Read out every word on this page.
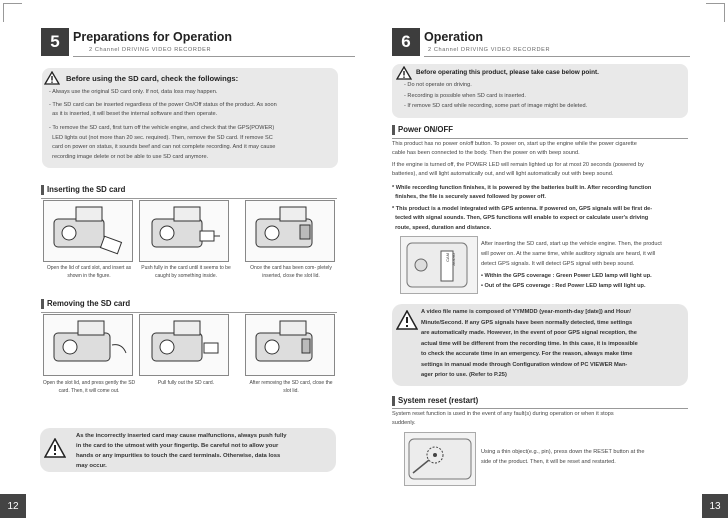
5	Preparations for Operation
2 Channel DRIVING VIDEO RECORDER
Before using the SD card, check the followings:
- Always use the original SD card only. If not, data loss may happen.
- The SD card can be inserted regardless of the power On/Off status of the product. As soon
as it is inserted, it will beset the internal software and then operate.
- To remove the SD card, first turn off the vehicle engine, and check that the GPS(POWER)
LED lights out (not more than 20 sec. required). Then, remove the SD card. If remove SC
card on power on status, it sounds beef and can not complete recording. And it may cause
recording image delete or not be able to use SD card anymore.
Inserting the SD card
Open the lid of card slot, and insert as shown in the figure.
Push fully in the card until it seems to be caught by something inside.
Once the card has been com- pletely inserted, close the slot lid.
Removing the SD card
Open the slot lid, and press gently the SD card. Then, it will come out.
Pull fully out the SD card.	After removing the SD card, close the slot lid.
As the incorrectly inserted card may cause malfunctions, always push fully
in the card to the utmost with your fingertip. Be careful not to allow your
hands or any impurities to touch the card terminals. Otherwise, data loss
may occur.
12
6	Operation
2 Channel DRIVING VIDEO RECORDER
Before operating this product, please take case below point.
- Do not operate on driving.
- Recording is possible when SD card is inserted.
- If remove SD card while recording, some part of image might be deleted.
Power ON/OFF
This product has no power on/off button. To power on, start up the engine while the power cigarette
cable has been connected to the body. Then the power on with beep sound.
If the engine is turned off, the POWER LED will remain lighted up for at most 20 seconds (powered by
batteries), and will light automatically out, and will light automatically out with beep sound.
* While recording function finishes, it is powered by the batteries built in. After recording function
finishes, the file is securely saved followed by power off.
* This product is a model integrated with GPS antenna. If powered on, GPS signals will be first de-
tected with signal sounds. Then, GPS functions will enable to expect or calculate user's driving
route, speed, duration and distance.
CAM AUDIO
After inserting the SD card, start up the vehicle engine. Then, the product
will power on. At the same time, while auditory signals are heard, it will
detect GPS signals. It will detect GPS signal with beep sound.
• Within the GPS coverage : Green Power LED lamp will light up.
• Out of the GPS coverage : Red Power LED lamp will light up.
A video file name is composed of YYMMDD (year-month-day [date]) and Hour/
Minute/Second. If any GPS signals have been normally detected, time settings
are automatically made. However, in the event of poor GPS signal reception, the
actual time will be different from the recording time. In this case, it is impossible
to check the accurate time in an emergency. For the reason, always make time
settings in manual mode through Configuration window of PC VIEWER Man-
ager prior to use. (Refer to P.25)
System reset (restart)
System reset function is used in the event of any fault(s) during operation or when it stops
suddenly.
Using a thin object(e.g., pin), press down the RESET button at the
side of the product. Then, it will be reset and restarted.
13
